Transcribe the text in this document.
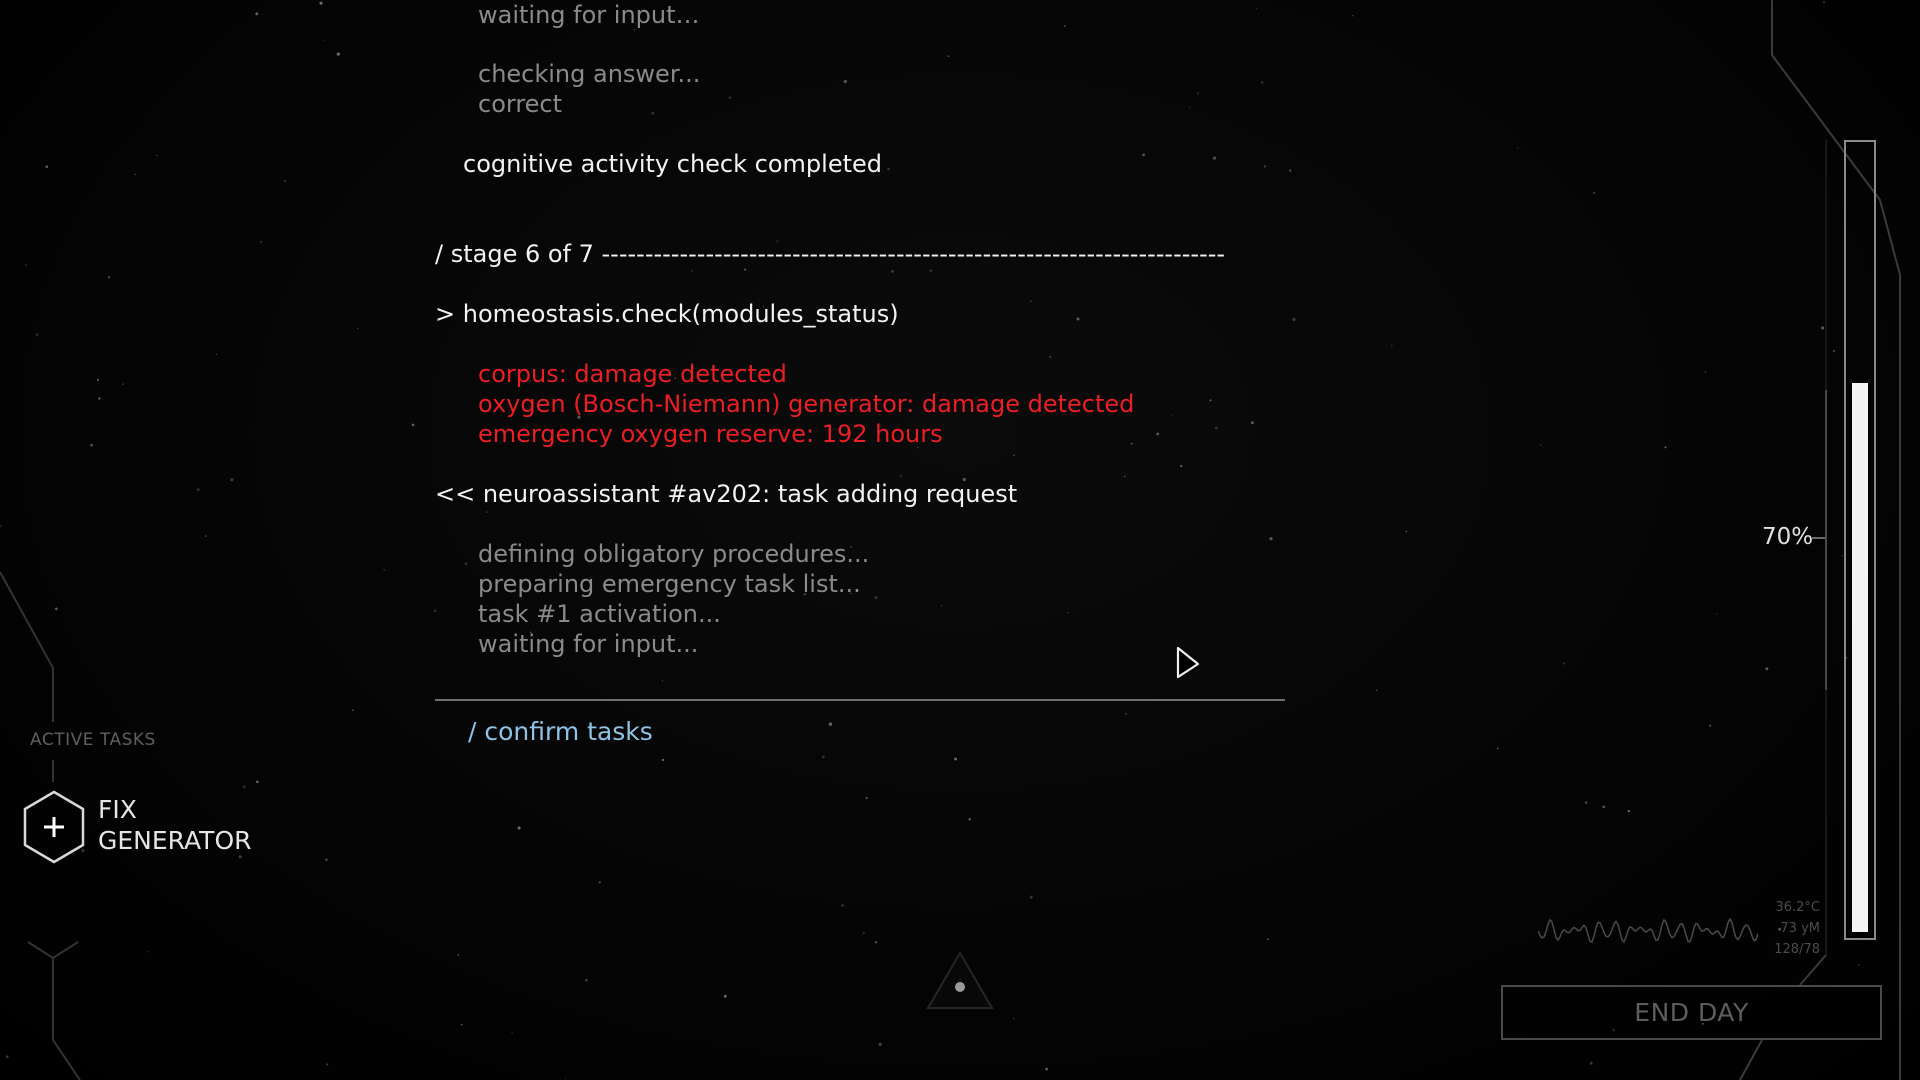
waiting for input…
checking answer...
correct
cognitive activity check completed
/ stage 6 of 7 ------------------------------------------------------------------------
> homeostasis.check(modules_status)
corpus: damage detected
oxygen (Bosch-Niemann) generator: damage detected
emergency oxygen reserve: 192 hours
<< neuroassistant #av202: task adding request
defining obligatory procedures...
preparing emergency task list...
task #1 activation...
waiting for input...
/ confirm tasks
ACTIVE TASKS
FIX
GENERATOR
70%
36.2°C
73 уМ
128/78
END DAY
